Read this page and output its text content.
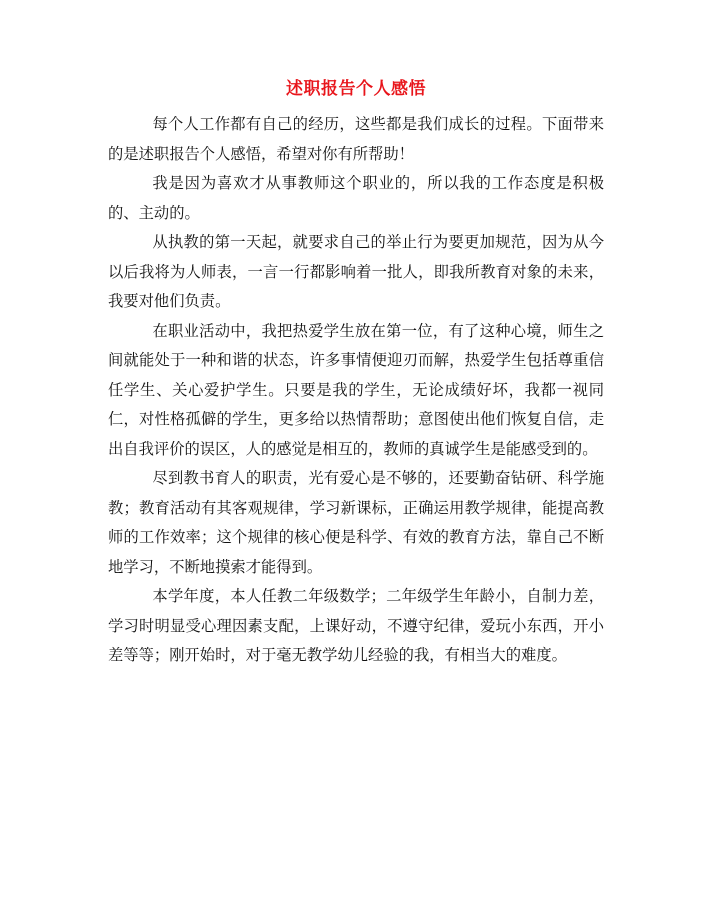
述职报告个人感悟

每个人工作都有自己的经历，这些都是我们成长的过程。下面带来的是述职报告个人感悟，希望对你有所帮助！

我是因为喜欢才从事教师这个职业的，所以我的工作态度是积极的、主动的。

从执教的第一天起，就要求自己的举止行为要更加规范，因为从今以后我将为人师表，一言一行都影响着一批人，即我所教育对象的未来，我要对他们负责。

在职业活动中，我把热爱学生放在第一位，有了这种心境，师生之间就能处于一种和谐的状态，许多事情便迎刃而解，热爱学生包括尊重信任学生、关心爱护学生。只要是我的学生，无论成绩好坏，我都一视同仁，对性格孤僻的学生，更多给以热情帮助；意图使出他们恢复自信，走出自我评价的误区，人的感觉是相互的，教师的真诚学生是能感受到的。

尽到教书育人的职责，光有爱心是不够的，还要勤奋钻研、科学施教；教育活动有其客观规律，学习新课标，正确运用教学规律，能提高教师的工作效率；这个规律的核心便是科学、有效的教育方法，靠自己不断地学习，不断地摸索才能得到。

本学年度，本人任教二年级数学；二年级学生年龄小，自制力差，学习时明显受心理因素支配，上课好动，不遵守纪律，爱玩小东西，开小差等等；刚开始时，对于毫无教学幼儿经验的我，有相当大的难度。
